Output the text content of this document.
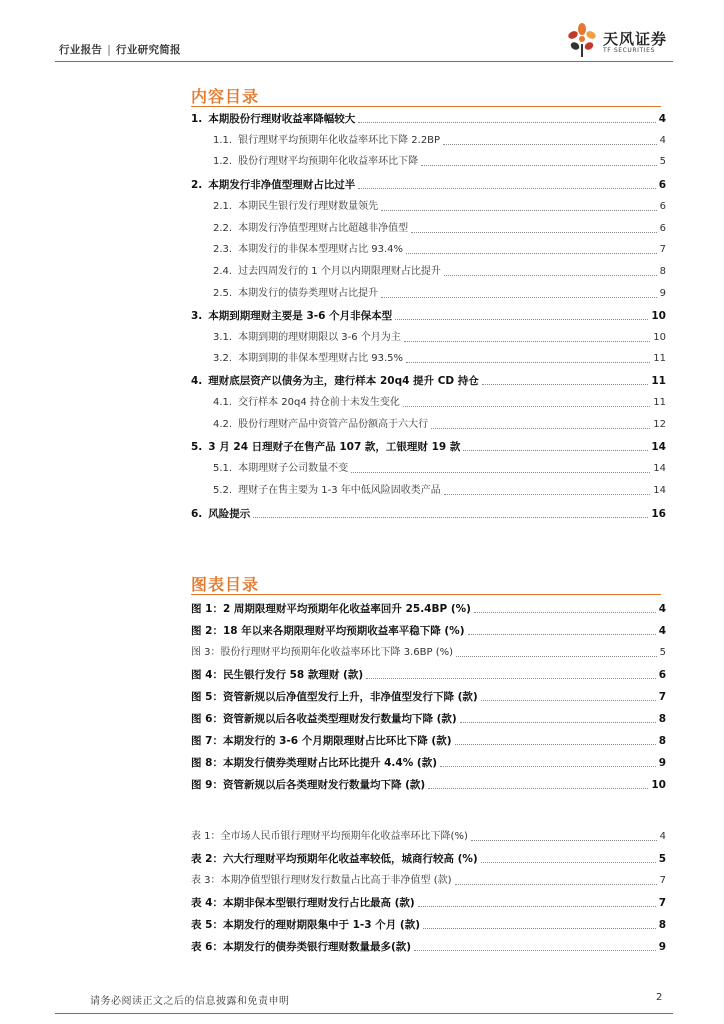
行业报告 | 行业研究简报
天风证券
TF SECURITIES
内容目录
1. 本期股份行理财收益率降幅较大	4
1.1. 银行理财平均预期年化收益率环比下降 2.2BP	4
1.2. 股份行理财平均预期年化收益率环比下降	5
2. 本期发行非净值型理财占比过半	6
2.1. 本期民生银行发行理财数量领先	6
2.2. 本期发行净值型理财占比超越非净值型	6
2.3. 本期发行的非保本型理财占比 93.4%	7
2.4. 过去四周发行的 1 个月以内期限理财占比提升	8
2.5. 本期发行的债券类理财占比提升	9
3. 本期到期理财主要是 3-6 个月非保本型	10
3.1. 本期到期的理财期限以 3-6 个月为主	10
3.2. 本期到期的非保本型理财占比 93.5%	11
4. 理财底层资产以债务为主，建行样本 20q4 提升 CD 持仓	11
4.1. 交行样本 20q4 持仓前十未发生变化	11
4.2. 股份行理财产品中资管产品份额高于六大行	12
5. 3 月 24 日理财子在售产品 107 款，工银理财 19 款	14
5.1. 本期理财子公司数量不变	14
5.2. 理财子在售主要为 1-3 年中低风险固收类产品	14
6. 风险提示	16
图表目录
图 1：2 周期限理财平均预期年化收益率回升 25.4BP (%)	4
图 2：18 年以来各期限理财平均预期收益率平稳下降 (%)	4
图 3：股份行理财平均预期年化收益率环比下降 3.6BP (%)	5
图 4：民生银行发行 58 款理财 (款)	6
图 5：资管新规以后净值型发行上升，非净值型发行下降 (款)	7
图 6：资管新规以后各收益类型理财发行数量均下降 (款)	8
图 7：本期发行的 3-6 个月期限理财占比环比下降 (款)	8
图 8：本期发行债券类理财占比环比提升 4.4% (款)	9
图 9：资管新规以后各类理财发行数量均下降 (款)	10
表 1：全市场人民币银行理财平均预期年化收益率环比下降(%)	4
表 2：六大行理财平均预期年化收益率较低，城商行较高 (%)	5
表 3：本期净值型银行理财发行数量占比高于非净值型 (款)	7
表 4：本期非保本型银行理财发行占比最高 (款)	7
表 5：本期发行的理财期限集中于 1-3 个月 (款)	8
表 6：本期发行的债券类银行理财数量最多(款)	9
请务必阅读正文之后的信息披露和免责申明	2
